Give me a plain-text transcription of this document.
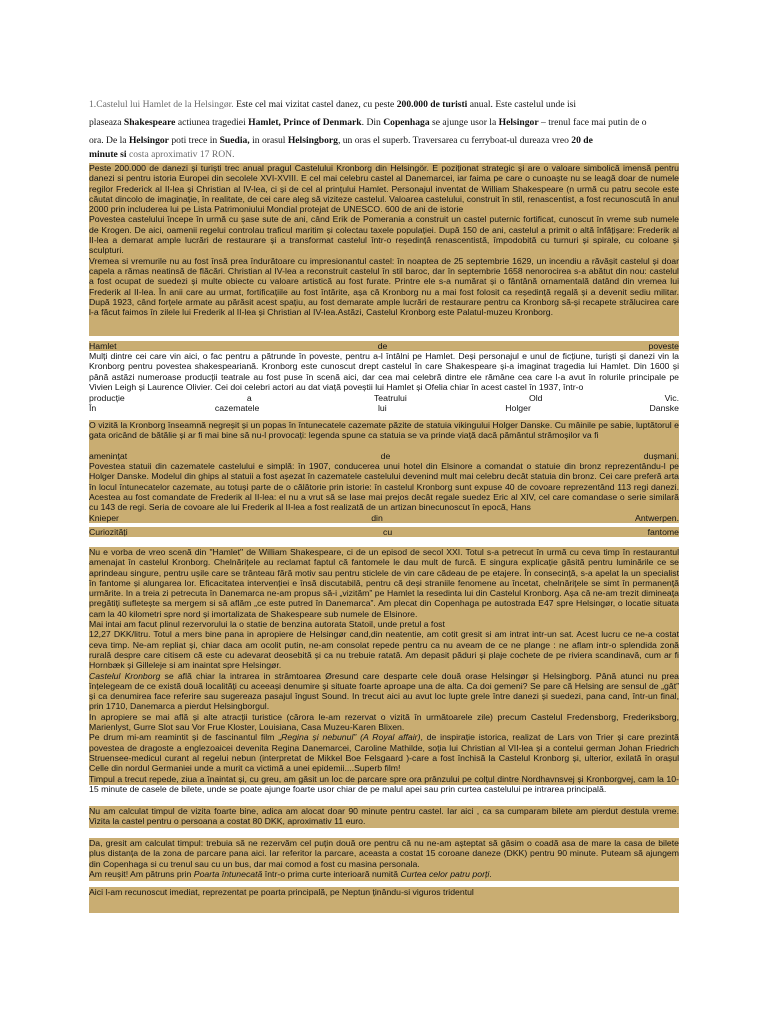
1.Castelul lui Hamlet de la Helsingør. Este cel mai vizitat castel danez, cu peste 200.000 de turisti anual. Este castelul unde isi

plaseaza Shakespeare actiunea tragediei Hamlet, Prince of Denmark. Din Copenhaga se ajunge usor la Helsingor – trenul face mai putin de o

ora. De la Helsingor poti trece in Suedia, in orasul Helsingborg, un oras el superb. Traversarea cu ferryboat-ul dureaza vreo 20 de

minute si costa aproximativ 17 RON.

Peste 200.000 de danezi și turiști trec anual pragul Castelului Kronborg din Helsingör. E poziționat strategic și are o valoare simbolică imensă pentru danezi si pentru istoria Europei din secolele XVI-XVIII. E cel mai celebru castel al Danemarcei, iar faima pe care o cunoaște nu se leagă doar de numele regilor Frederick al II-lea și Christian al IV-lea, ci și de cel al prințului Hamlet. Personajul inventat de William Shakespeare (n urmă cu patru secole este căutat dincolo de imaginație, în realitate, de cei care aleg să viziteze castelul. Valoarea castelului, construit în stil, renascentist, a fost recunoscută în anul 2000 prin includerea lui pe Lista Patrimoniului Mondial protejat de UNESCO. 600 de ani de istorie

Povestea castelului începe în urmă cu șase sute de ani, când Erik de Pomerania a construit un castel puternic fortificat, cunoscut în vreme sub numele de Krogen. De aici, oamenii regelui controlau traficul maritim și colectau taxele populației. După 150 de ani, castelul a primit o altă înfățișare: Frederik al II-lea a demarat ample lucrări de restaurare și a transformat castelul într-o reședință renascentistă, împodobită cu turnuri și spirale, cu coloane și sculpturi.

Vremea si vremurile nu au fost însă prea îndurătoare cu impresionantul castel: în noaptea de 25 septembrie 1629, un incendiu a răvășit castelul și doar capela a rămas neatinsă de flăcări. Christian al IV-lea a reconstruit castelul în stil baroc, dar în septembrie 1658 nenorocirea s-a abătut din nou: castelul a fost ocupat de suedezi și multe obiecte cu valoare artistică au fost furate. Printre ele s-a numărat și o fântână ornamentală datând din vremea lui Frederik al II-lea. În anii care au urmat, fortificațiile au fost întărite, așa că Kronborg nu a mai fost folosit ca reședință regală și a devenit sediu militar. După 1923, când forțele armate au părăsit acest spațiu, au fost demarate ample lucrări de restaurare pentru ca Kronborg să-și recapete strălucirea care l-a făcut faimos în zilele lui Frederik al II-lea și Christian al IV-lea.Astăzi, Castelul Kronborg este Palatul-muzeu Kronborg.

Hamlet	de	poveste

Mulți dintre cei care vin aici, o fac pentru a pătrunde în poveste, pentru a-l întâlni pe Hamlet. Deși personajul e unul de ficțiune, turiști și danezi vin la Kronborg pentru povestea shakespeariană. Kronborg este cunoscut drept castelul în care Shakespeare și-a imaginat tragedia lui Hamlet. Din 1600 și până astăzi numeroase producții teatrale au fost puse în scenă aici, dar cea mai celebră dintre ele rămâne cea care l-a avut în rolurile principale pe Vivien Leigh și Laurence Olivier. Cei doi celebri actori au dat viață poveștii lui Hamlet și Ofelia chiar în acest castel în 1937, într-o

producție	a	Teatrului	Old	Vic.
În	cazematele	lui	Holger	Danske

O vizită la Kronborg înseamnă negreșit și un popas în întunecatele cazemate păzite de statuia vikingului Holger Danske. Cu mâinile pe sabie, luptătorul e gata oricând de bătălie și ar fi mai bine să nu-l provocați: legenda spune ca statuia se va prinde viață dacă pământul strămoșilor va fi

amenințat	de	dușmani.

Povestea statuii din cazematele castelului e simplă: în 1907, conducerea unui hotel din Elsinore a comandat o statuie din bronz reprezentându-l pe Holger Danske. Modelul din ghips al statuii a fost așezat în cazematele castelului devenind mult mai celebru decât statuia din bronz. Cei care preferă arta în locul întunecatelor cazemate, au totuși parte de o călătorie prin istorie: în castelul Kronborg sunt expuse 40 de covoare reprezentând 113 regi danezi. Acestea au fost comandate de Frederik al II-lea: el nu a vrut să se lase mai prejos decât regale suedez Eric al XIV, cel care comandase o serie similară cu 143 de regi. Seria de covoare ale lui Frederik al II-lea a fost realizată de un artizan binecunoscut în epocă, Hans

Knieper	din	Antwerpen.
Curiozități	cu	fantome

Nu e vorba de vreo scenă din "Hamlet" de William Shakespeare, ci de un episod de secol XXI. Totul s-a petrecut în urmă cu ceva timp în restaurantul amenajat în castelul Kronborg. Chelnărițele au reclamat faptul că fantomele le dau mult de furcă. E singura explicație găsită pentru luminările ce se aprindeau singure, pentru ușile care se trânteau fără motiv sau pentru sticlele de vin care cădeau de pe etajere. În consecință, s-a apelat la un specialist în fantome și alungarea lor. Eficacitatea intervenției e însă discutabilă, pentru că deși straniile fenomene au încetat, chelnărițele se simt în permanență urmărite. In a treia zi petrecuta în Danemarca ne-am propus să-i „vizităm” pe Hamlet la resedinta lui din Castelul Kronborg. Așa că ne-am trezit dimineața pregătiți sufletește sa mergem si să aflăm „ce este putred în Danemarca”. Am plecat din Copenhaga pe autostrada E47 spre Helsingør, o locatie situata cam la 40 kilometri spre nord și imortalizata de Shakespeare sub numele de Elsinore.

Mai intai am facut plinul rezervorului la o statie de benzina autorata Statoil, unde pretul a fost

12,27 DKK/litru. Totul a mers bine pana in apropiere de Helsingør cand,din neatentie, am cotit gresit si am intrat intr-un sat. Acest lucru ce ne-a costat ceva timp. Ne-am repliat și, chiar daca am ocolit putin, ne-am consolat repede pentru ca nu aveam de ce ne plange : ne aflam intr-o splendida zonă rurală despre care citisem că este cu adevarat deosebită și ca nu trebuie ratată. Am depasit păduri și plaje cochete de pe riviera scandinavă, cum ar fi Hornbæk și Gilleleje si am inaintat spre Helsingør.

Castelul Kronborg se află chiar la intrarea in strâmtoarea Øresund care desparte cele două orase Helsingør și Helsingborg. Până atunci nu prea înțelegeam de ce există două localități cu aceeași denumire și situate foarte aproape una de alta. Ca doi gemeni? Se pare că Helsing are sensul de „gât” și ca denumirea face referire sau sugereaza pasajul îngust Sound. In trecut aici au avut loc lupte grele între danezi și suedezi, pana cand, într-un final, prin 1710, Danemarca a pierdut Helsingborgul.

In apropiere se mai află și alte atracții turistice (cărora le-am rezervat o vizită în următoarele zile) precum Castelul Fredensborg, Frederiksborg, Marienlyst, Gurre Slot sau Vor Frue Kloster, Louisiana, Casa Muzeu-Karen Blixen.

Pe drum mi-am reamintit și de fascinantul film „Regina și nebunul” (A Royal affair), de inspirație istorica, realizat de Lars von Trier și care prezintă povestea de dragoste a englezoaicei devenita Regina Danemarcei, Caroline Mathilde, soția lui Christian al VII-lea și a contelui german Johan Friedrich Struensee-medicul curant al regelui nebun (interpretat de Mikkel Boe Felsgaard )-care a fost închisă la Castelul Kronborg și, ulterior, exilată în orașul Celle din nordul Germaniei unde a murit ca victimă a unei epidemii....Superb film!

Timpul a trecut repede, ziua a înaintat și, cu greu, am găsit un loc de parcare spre ora prânzului pe colțul dintre Nordhavnsvej și Kronborgvej, cam la 10-15 minute de casele de bilete, unde se poate ajunge foarte usor chiar de pe malul apei sau prin curtea castelului pe intrarea principală.

Nu am calculat timpul de vizita foarte bine, adica am alocat doar 90 minute pentru castel. Iar aici , ca sa cumparam bilete am pierdut destula vreme. Vizita la castel pentru o persoana a costat 80 DKK, aproximativ 11 euro.

Da, gresit am calculat timpul: trebuia să ne rezervăm cel puțin două ore pentru că nu ne-am așteptat să găsim o coadă asa de mare la casa de bilete plus distanța de la zona de parcare pana aici. Iar referitor la parcare, aceasta a costat 15 coroane daneze (DKK) pentru 90 minute. Puteam să ajungem din Copenhaga si cu trenul sau cu un bus, dar mai comod a fost cu masina personala.

Am reușit! Am pătruns prin Poarta întunecată într-o prima curte interioară numită Curtea celor patru porți.

Aici l-am recunoscut imediat, reprezentat pe poarta principală, pe Neptun ținându-si viguros tridentul
